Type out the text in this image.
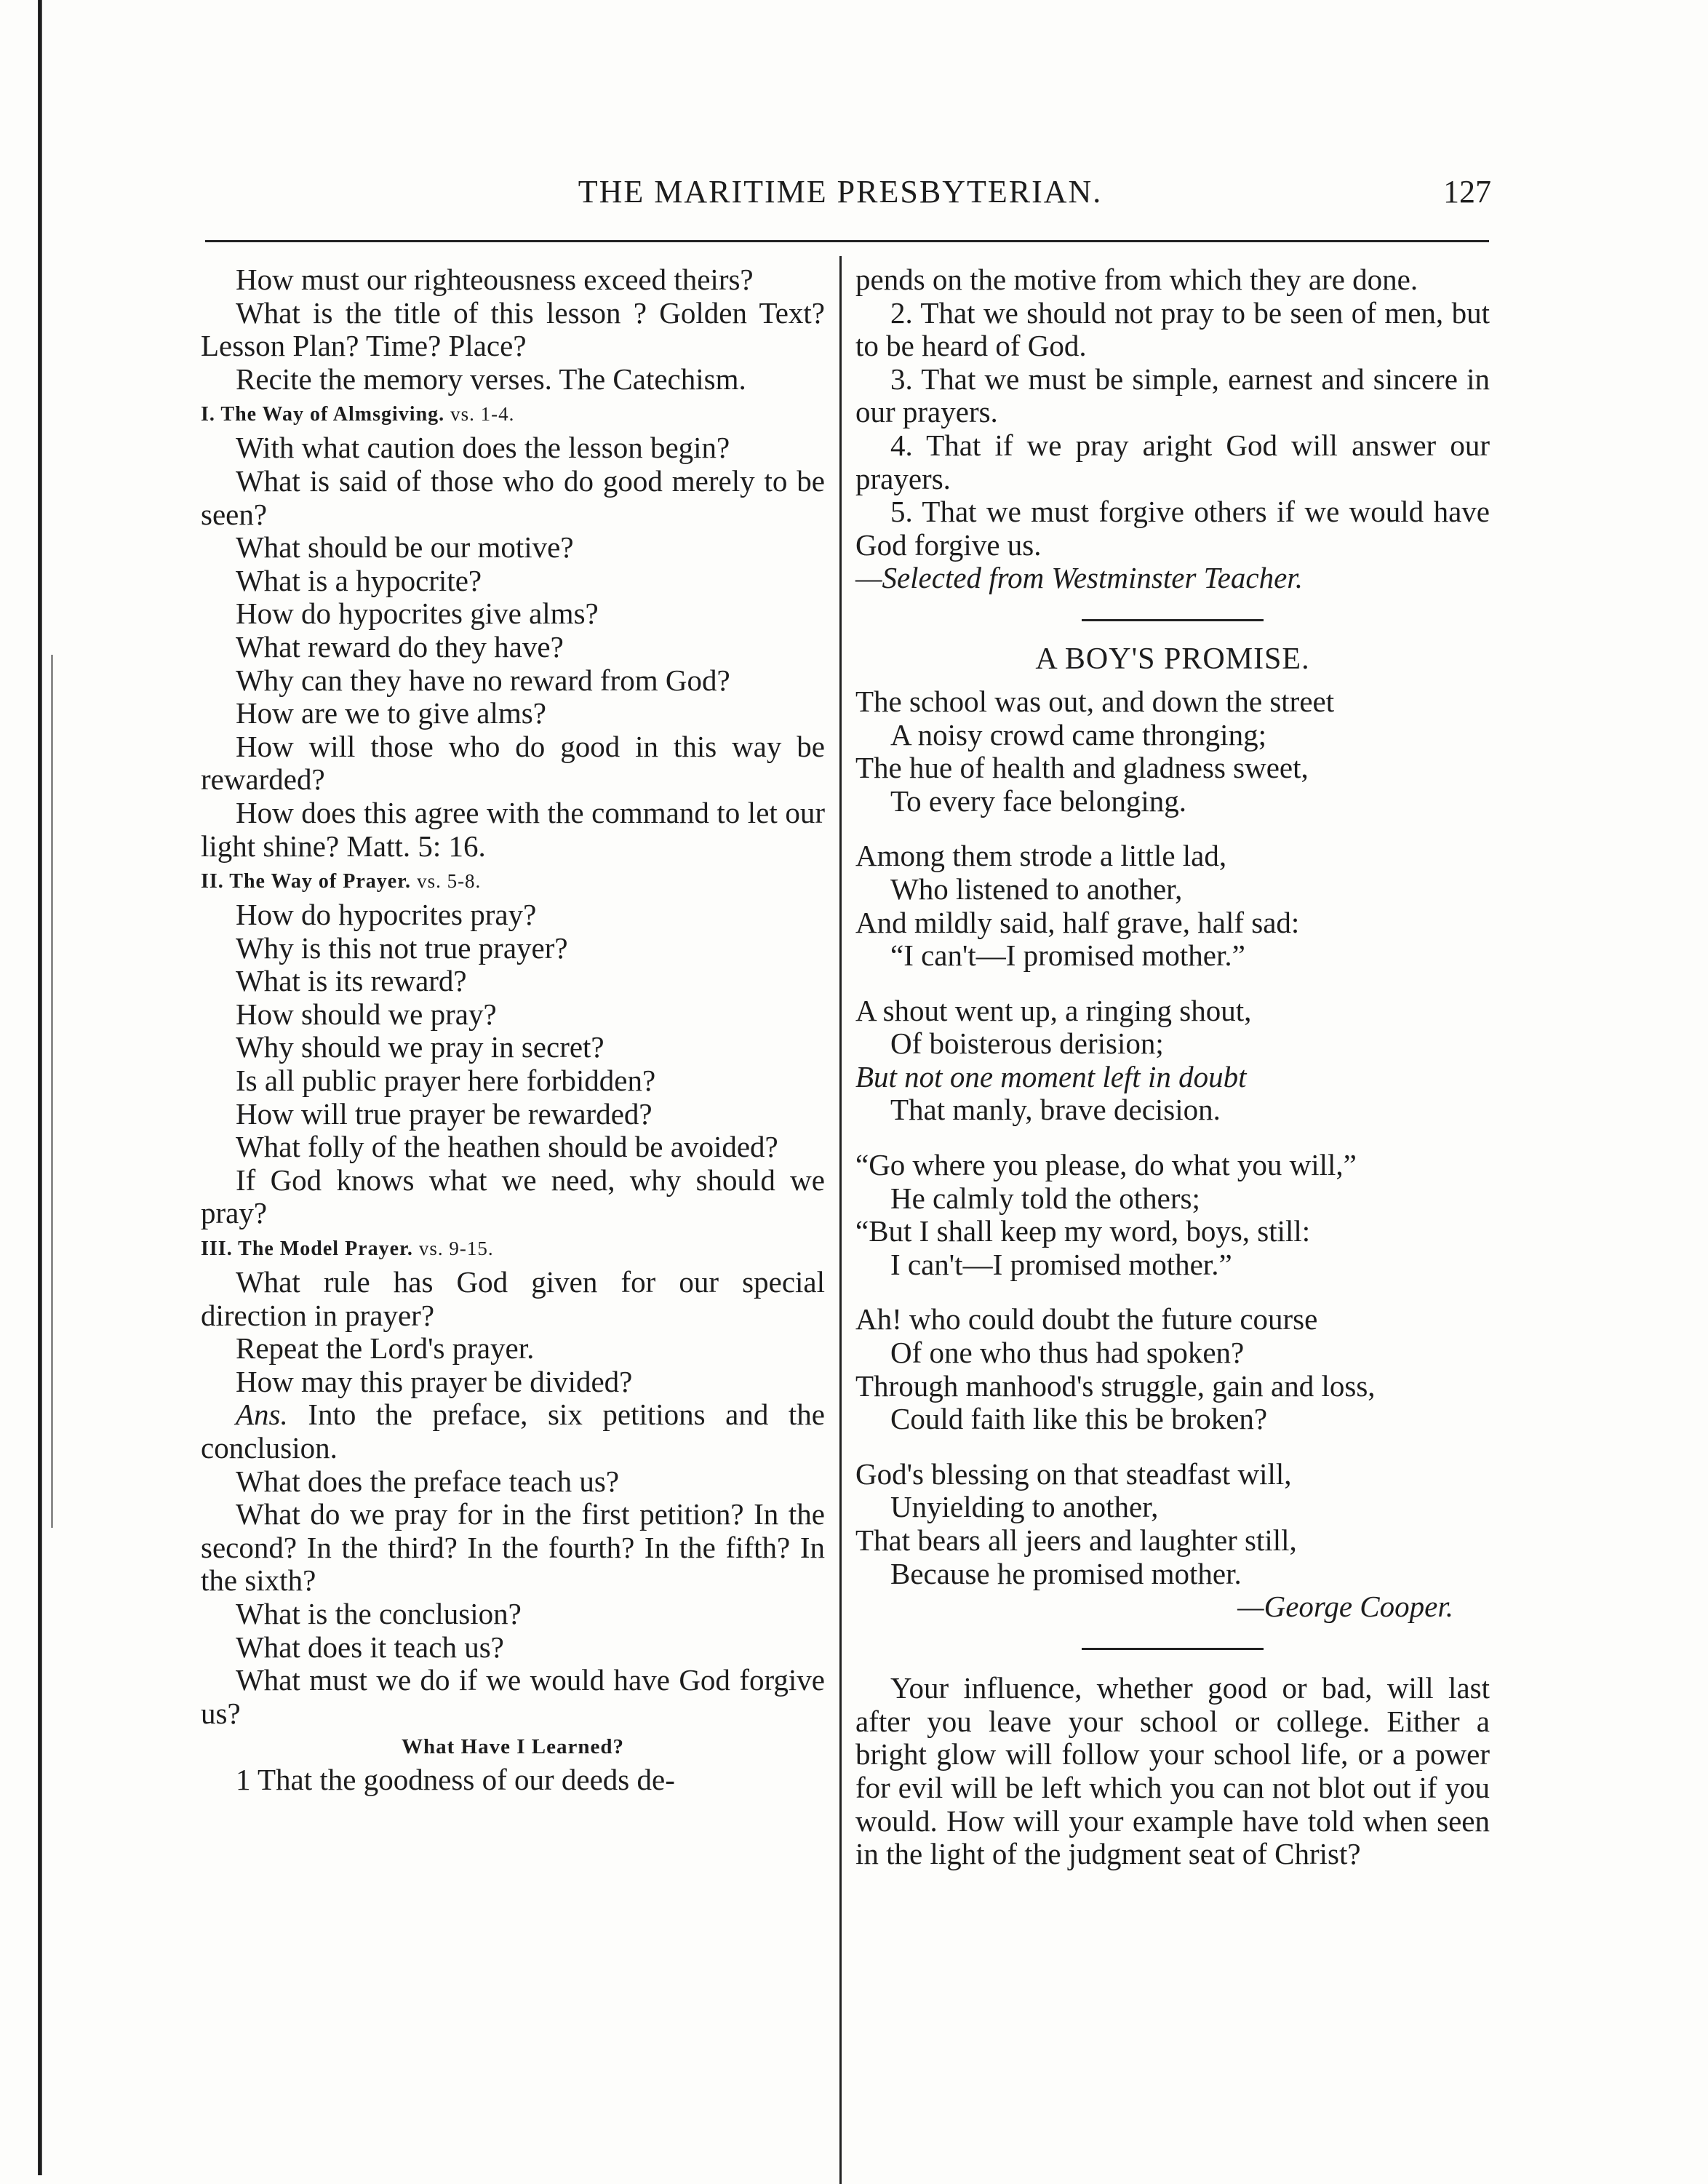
THE MARITIME PRESBYTERIAN.	127

How must our righteousness exceed theirs?

What is the title of this lesson ? Golden Text? Lesson Plan? Time? Place?

Recite the memory verses. The Catechism.

I. The Way of Almsgiving. vs. 1-4.

With what caution does the lesson begin?

What is said of those who do good merely to be seen?

What should be our motive?

What is a hypocrite?

How do hypocrites give alms?

What reward do they have?

Why can they have no reward from God?

How are we to give alms?

How will those who do good in this way be rewarded?

How does this agree with the command to let our light shine? Matt. 5: 16.

II. The Way of Prayer. vs. 5-8.

How do hypocrites pray?

Why is this not true prayer?

What is its reward?

How should we pray?

Why should we pray in secret?

Is all public prayer here forbidden?

How will true prayer be rewarded?

What folly of the heathen should be avoided?

If God knows what we need, why should we pray?

III. The Model Prayer. vs. 9-15.

What rule has God given for our special direction in prayer?

Repeat the Lord's prayer.

How may this prayer be divided?

Ans. Into the preface, six petitions and the conclusion.

What does the preface teach us?

What do we pray for in the first petition? In the second? In the third? In the fourth? In the fifth? In the sixth?

What is the conclusion?

What does it teach us?

What must we do if we would have God forgive us?

What Have I Learned?

1 That the goodness of our deeds de-

pends on the motive from which they are done.

2. That we should not pray to be seen of men, but to be heard of God.

3. That we must be simple, earnest and sincere in our prayers.

4. That if we pray aright God will answer our prayers.

5. That we must forgive others if we would have God forgive us.

—Selected from Westminster Teacher.
A BOY'S PROMISE.
The school was out, and down the street
A noisy crowd came thronging;
The hue of health and gladness sweet,
To every face belonging.
Among them strode a little lad,
Who listened to another,
And mildly said, half grave, half sad:
“I can't—I promised mother.”
A shout went up, a ringing shout,
Of boisterous derision;
But not one moment left in doubt
That manly, brave decision.
“Go where you please, do what you will,”
He calmly told the others;
“But I shall keep my word, boys, still:
I can't—I promised mother.”
Ah! who could doubt the future course
Of one who thus had spoken?
Through manhood's struggle, gain and loss,
Could faith like this be broken?
God's blessing on that steadfast will,
Unyielding to another,
That bears all jeers and laughter still,
Because he promised mother.
—George Cooper.

Your influence, whether good or bad, will last after you leave your school or college. Either a bright glow will follow your school life, or a power for evil will be left which you can not blot out if you would. How will your example have told when seen in the light of the judgment seat of Christ?
